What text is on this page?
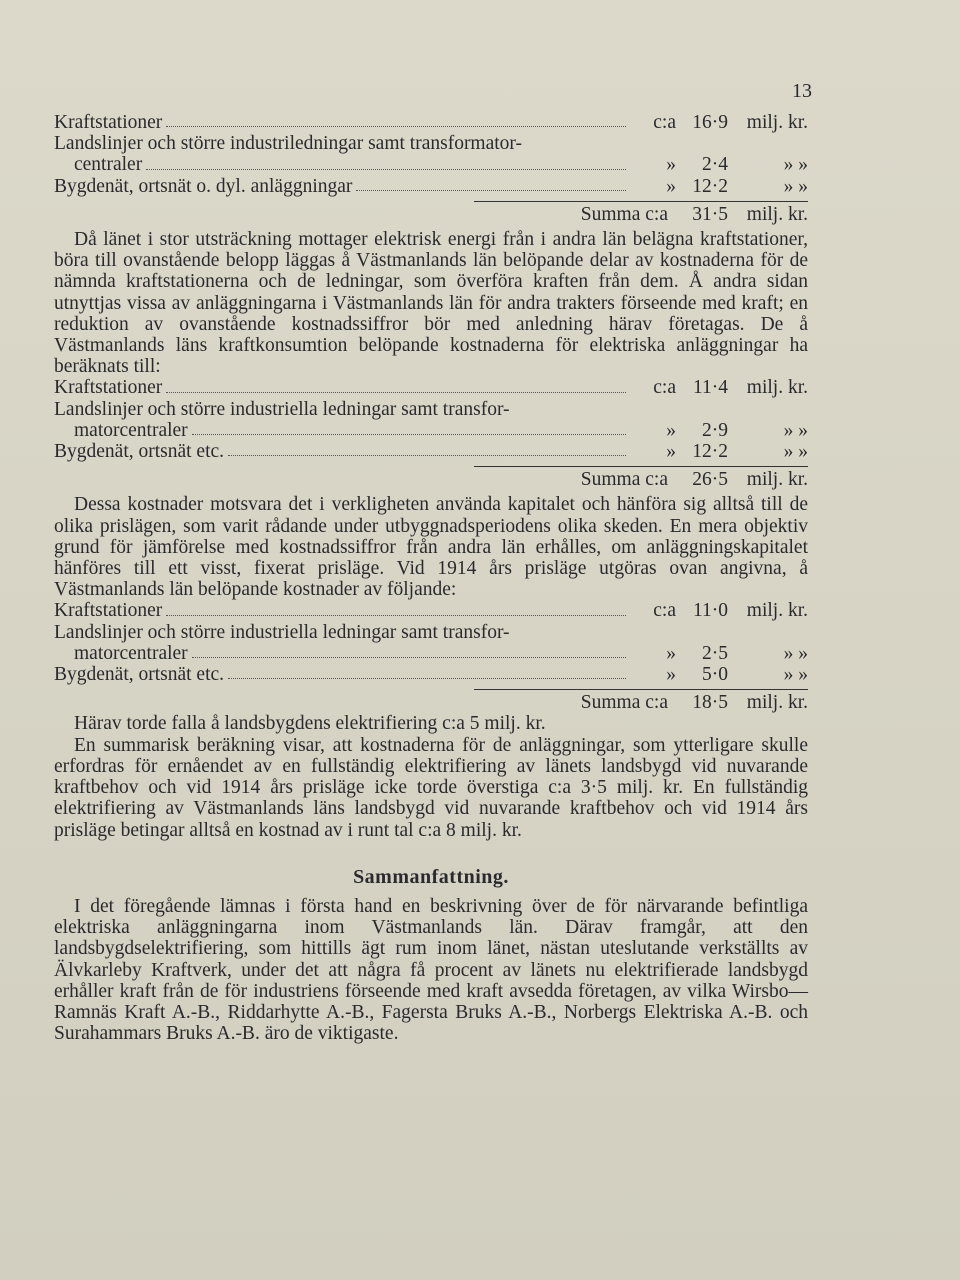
13
Kraftstationer	c:a 16·9 milj. kr.
Landslinjer och större industriledningar samt transformator-
centraler	» 2·4	» »
Bygdenät, ortsnät o. dyl. anläggningar	» 12·2	» »
Summa c:a	31·5 milj. kr.

Då länet i stor utsträckning mottager elektrisk energi från i andra län belägna kraftstationer, böra till ovanstående belopp läggas å Västmanlands län belöpande delar av kostnaderna för de nämnda kraftstationerna och de ledningar, som överföra kraften från dem. Å andra sidan utnyttjas vissa av anläggningarna i Västmanlands län för andra trakters förseende med kraft; en reduktion av ovanstående kostnadssiffror bör med anledning härav företagas. De å Västmanlands läns kraftkonsumtion belöpande kostnaderna för elektriska anläggningar ha beräknats till:

Kraftstationer	c:a 11·4 milj. kr.
Landslinjer och större industriella ledningar samt transfor-
matorcentraler	» 2·9	» »
Bygdenät, ortsnät etc.	» 12·2	» »
Summa c:a	26·5 milj. kr.

Dessa kostnader motsvara det i verkligheten använda kapitalet och hänföra sig alltså till de olika prislägen, som varit rådande under utbyggnadsperiodens olika skeden. En mera objektiv grund för jämförelse med kostnadssiffror från andra län erhålles, om anläggningskapitalet hänföres till ett visst, fixerat prisläge. Vid 1914 års prisläge utgöras ovan angivna, å Västmanlands län belöpande kostnader av följande:

Kraftstationer	c:a 11·0 milj. kr.
Landslinjer och större industriella ledningar samt transfor-
matorcentraler	» 2·5	» »
Bygdenät, ortsnät etc.	» 5·0	» »
Summa c:a	18·5 milj. kr.

Härav torde falla å landsbygdens elektrifiering c:a 5 milj. kr.

En summarisk beräkning visar, att kostnaderna för de anläggningar, som ytterligare skulle erfordras för ernåendet av en fullständig elektrifiering av länets landsbygd vid nuvarande kraftbehov och vid 1914 års prisläge icke torde överstiga c:a 3·5 milj. kr. En fullständig elektrifiering av Västmanlands läns landsbygd vid nuvarande kraftbehov och vid 1914 års prisläge betingar alltså en kostnad av i runt tal c:a 8 milj. kr.

Sammanfattning.

I det föregående lämnas i första hand en beskrivning över de för närvarande befintliga elektriska anläggningarna inom Västmanlands län. Därav framgår, att den landsbygdselektrifiering, som hittills ägt rum inom länet, nästan uteslutande verkställts av Älvkarleby Kraftverk, under det att några få procent av länets nu elektrifierade landsbygd erhåller kraft från de för industriens förseende med kraft avsedda företagen, av vilka Wirsbo—Ramnäs Kraft A.-B., Riddarhytte A.-B., Fagersta Bruks A.-B., Norbergs Elektriska A.-B. och Surahammars Bruks A.-B. äro de viktigaste.
